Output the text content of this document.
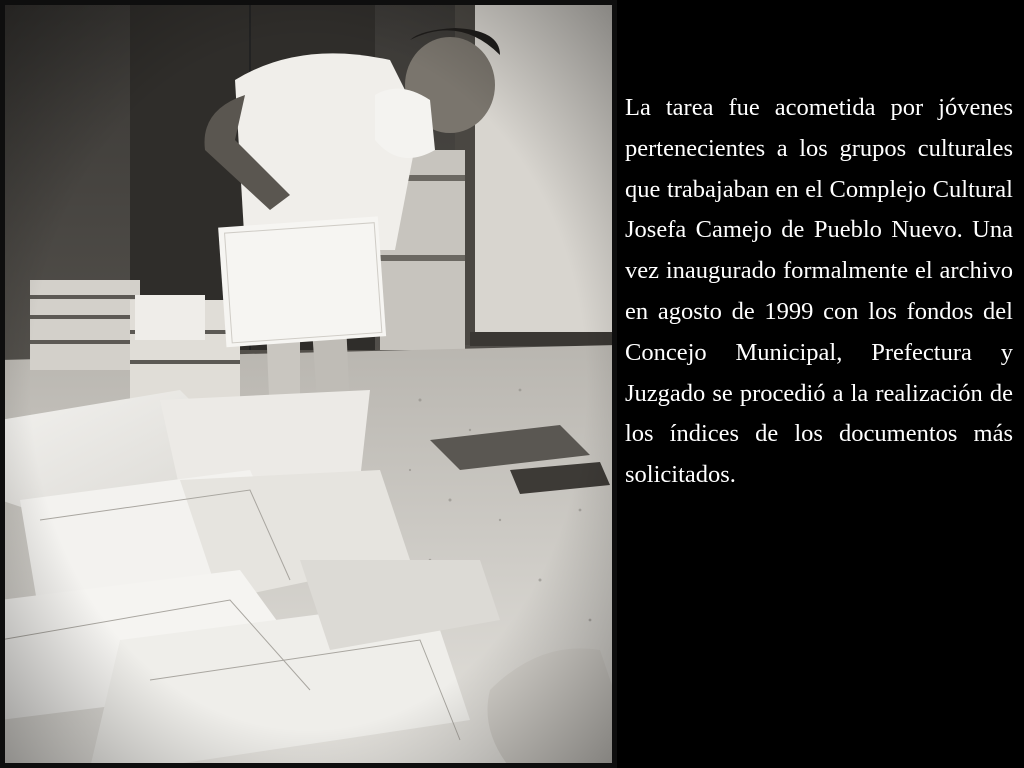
La tarea fue acometida por jóvenes pertenecientes a los grupos culturales que trabajaban en el Complejo Cultural Josefa Camejo de Pueblo Nuevo. Una vez inaugurado formalmente el archivo en agosto de 1999 con los fondos del Concejo Municipal, Prefectura y Juzgado se procedió a la realización de los índices de los documentos más solicitados.
